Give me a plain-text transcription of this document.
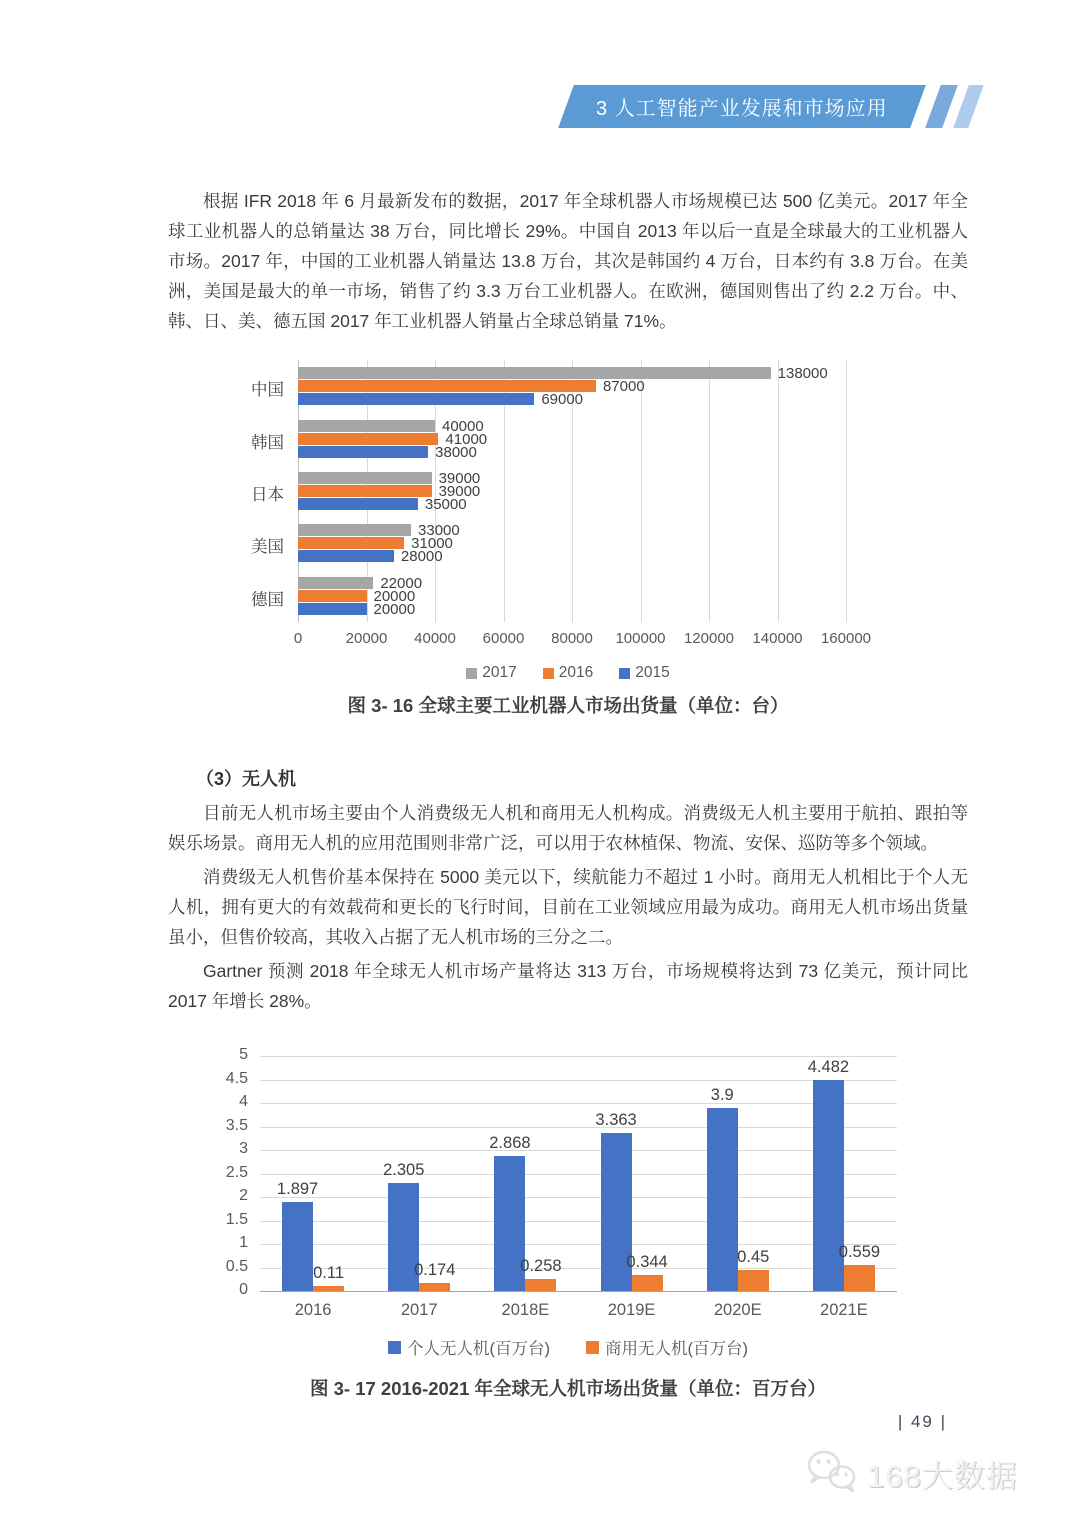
3 人工智能产业发展和市场应用

根据 IFR 2018 年 6 月最新发布的数据，2017 年全球机器人市场规模已达 500 亿美元。2017 年全球工业机器人的总销量达 38 万台，同比增长 29%。中国自 2013 年以后一直是全球最大的工业机器人市场。2017 年，中国的工业机器人销量达 13.8 万台，其次是韩国约 4 万台，日本约有 3.8 万台。在美洲，美国是最大的单一市场，销售了约 3.3 万台工业机器人。在欧洲，德国则售出了约 2.2 万台。中、韩、日、美、德五国 2017 年工业机器人销量占全球总销量 71%。

0	20000 40000 60000 80000 100000 120000 140000 160000
中国
138000
87000
69000
韩国
40000
41000
38000
日本
39000
39000
35000
美国
33000
31000
28000
德国
22000
20000
20000
2017	2016	2015
图 3- 16 全球主要工业机器人市场出货量（单位：台）
（3）无人机

目前无人机市场主要由个人消费级无人机和商用无人机构成。消费级无人机主要用于航拍、跟拍等娱乐场景。商用无人机的应用范围则非常广泛，可以用于农林植保、物流、安保、巡防等多个领域。

消费级无人机售价基本保持在 5000 美元以下，续航能力不超过 1 小时。商用无人机相比于个人无人机，拥有更大的有效载荷和更长的飞行时间，目前在工业领域应用最为成功。商用无人机市场出货量虽小，但售价较高，其收入占据了无人机市场的三分之二。

Gartner 预测 2018 年全球无人机市场产量将达 313 万台，市场规模将达到 73 亿美元，预计同比 2017 年增长 28%。

0
0.5
1
1.5
2
2.5
3
3.5
4
4.5
5
2016
1.897
0.11
2017
2.305
0.174
2018E
2.868
0.258
2019E
3.363
0.344
2020E
3.9
0.45
2021E
4.482
0.559
个人无人机(百万台)	商用无人机(百万台)
图 3- 17 2016-2021 年全球无人机市场出货量（单位：百万台）
| 49 |
168大数据
